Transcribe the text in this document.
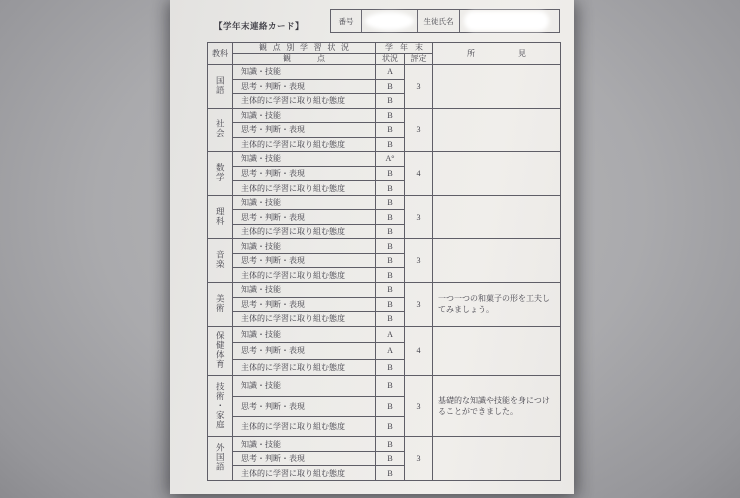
【学年末連絡カード】	番号	生徒氏名
教科	観点別学習状況	学年末		所見
	観点	状況	評定	
国語	知識・技能	A	3	
	思考・判断・表現	B		
	主体的に学習に取り組む態度	B		
社会	知識・技能	B	3	
	思考・判断・表現	B		
	主体的に学習に取り組む態度	B		
数学	知識・技能	A°	4	
	思考・判断・表現	B		
	主体的に学習に取り組む態度	B		
理科	知識・技能	B	3	
	思考・判断・表現	B		
	主体的に学習に取り組む態度	B		
音楽	知識・技能	B	3	
	思考・判断・表現	B		
	主体的に学習に取り組む態度	B		
美術	知識・技能	B	3	一つ一つの和菓子の形を工夫してみましょう。
	思考・判断・表現	B		
	主体的に学習に取り組む態度	B		
保健体育	知識・技能	A	4	
	思考・判断・表現	A		
	主体的に学習に取り組む態度	B		
技術・家庭	知識・技能	B	3	基礎的な知識や技能を身につけることができました。
	思考・判断・表現	B		
	主体的に学習に取り組む態度	B		
外国語	知識・技能	B	3	
	思考・判断・表現	B		
	主体的に学習に取り組む態度	B		
